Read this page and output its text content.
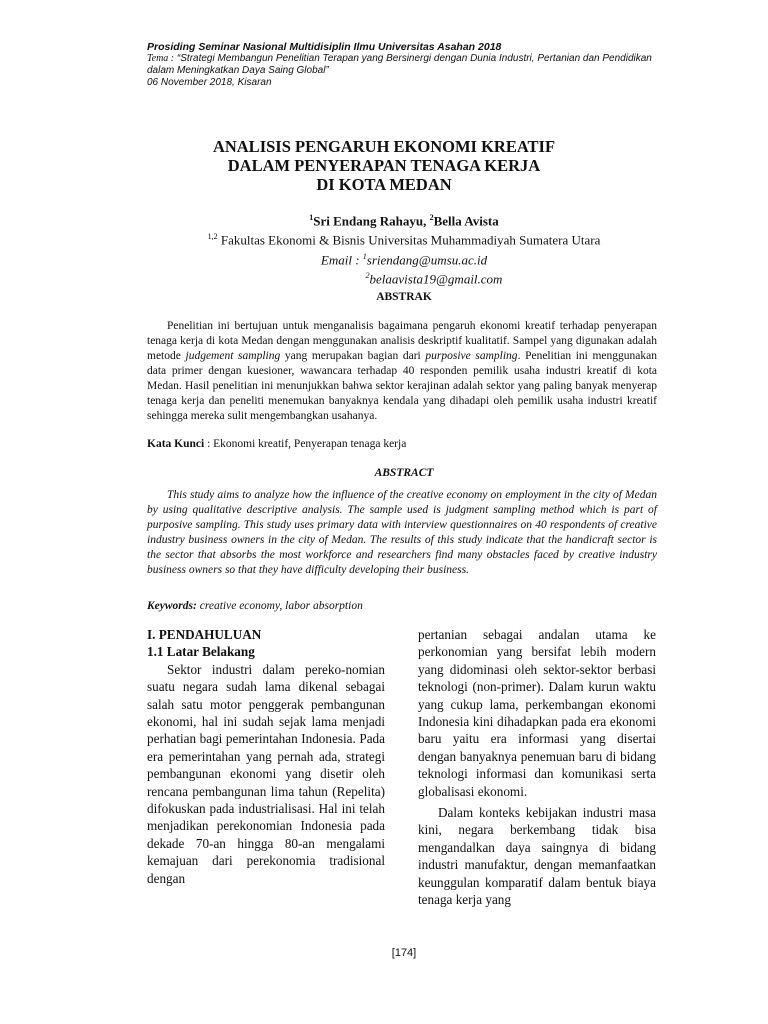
Prosiding Seminar Nasional Multidisiplin Ilmu Universitas Asahan 2018
Tema : “Strategi Membangun Penelitian Terapan yang Bersinergi dengan Dunia Industri, Pertanian dan Pendidikan dalam Meningkatkan Daya Saing Global”
06 November 2018, Kisaran
ANALISIS PENGARUH EKONOMI KREATIF
DALAM PENYERAPAN TENAGA KERJA
DI KOTA MEDAN
$^1$Sri Endang Rahayu, $^2$Bella Avista
$^{1,2}$ Fakultas Ekonomi & Bisnis Universitas Muhammadiyah Sumatera Utara
Email : $^1$sriendang@umsu.ac.id
$^2$belaavista19@gmail.com
ABSTRAK

Penelitian ini bertujuan untuk menganalisis bagaimana pengaruh ekonomi kreatif terhadap penyerapan tenaga kerja di kota Medan dengan menggunakan analisis deskriptif kualitatif. Sampel yang digunakan adalah metode judgement sampling yang merupakan bagian dari purposive sampling. Penelitian ini menggunakan data primer dengan kuesioner, wawancara terhadap 40 responden pemilik usaha industri kreatif di kota Medan. Hasil penelitian ini menunjukkan bahwa sektor kerajinan adalah sektor yang paling banyak menyerap tenaga kerja dan peneliti menemukan banyaknya kendala yang dihadapi oleh pemilik usaha industri kreatif sehingga mereka sulit mengembangkan usahanya.

Kata Kunci : Ekonomi kreatif, Penyerapan tenaga kerja
ABSTRACT

This study aims to analyze how the influence of the creative economy on employment in the city of Medan by using qualitative descriptive analysis. The sample used is judgment sampling method which is part of purposive sampling. This study uses primary data with interview questionnaires on 40 respondents of creative industry business owners in the city of Medan. The results of this study indicate that the handicraft sector is the sector that absorbs the most workforce and researchers find many obstacles faced by creative industry business owners so that they have difficulty developing their business.

Keywords: creative economy, labor absorption

I. PENDAHULUAN

1.1 Latar Belakang

Sektor industri dalam pereko-nomian suatu negara sudah lama dikenal sebagai salah satu motor penggerak pembangunan ekonomi, hal ini sudah sejak lama menjadi perhatian bagi pemerintahan Indonesia. Pada era pemerintahan yang pernah ada, strategi pembangunan ekonomi yang disetir oleh rencana pembangunan lima tahun (Repelita) difokuskan pada industrialisasi. Hal ini telah menjadikan perekonomian Indonesia pada dekade 70-an hingga 80-an mengalami kemajuan dari perekonomia tradisional dengan

pertanian sebagai andalan utama ke perkonomian yang bersifat lebih modern yang didominasi oleh sektor-sektor berbasi teknologi (non-primer). Dalam kurun waktu yang cukup lama, perkembangan ekonomi Indonesia kini dihadapkan pada era ekonomi baru yaitu era informasi yang disertai dengan banyaknya penemuan baru di bidang teknologi informasi dan komunikasi serta globalisasi ekonomi.

Dalam konteks kebijakan industri masa kini, negara berkembang tidak bisa mengandalkan daya saingnya di bidang industri manufaktur, dengan memanfaatkan keunggulan komparatif dalam bentuk biaya tenaga kerja yang

[174]
